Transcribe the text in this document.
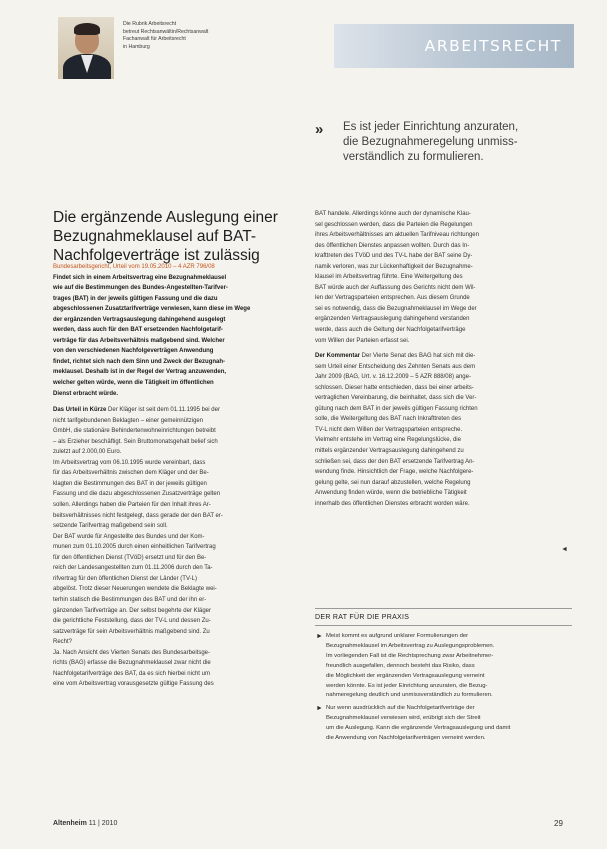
Die Rubrik Arbeitsrecht
betreut Rechtsanwältin/Rechtsanwalt
Fachanwalt für Arbeitsrecht
in Hamburg	ARBEITSRECHT
» Es ist jeder Einrichtung anzuraten,
die Bezugnahmeregelung unmiss-
verständlich zu formulieren.
Die ergänzende Auslegung einer
Bezugnahmeklausel auf BAT-
Nachfolgeverträge ist zulässig
Bundesarbeitsgericht, Urteil vom 19.05.2010 – 4 AZR 796/08
Findet sich in einem Arbeitsvertrag eine Bezugnahmeklausel
wie auf die Bestimmungen des Bundes-Angestellten-Tarifver-
trages (BAT) in der jeweils gültigen Fassung und die dazu
abgeschlossenen Zusatztarifverträge verwiesen, kann diese im Wege
der ergänzenden Vertragsauslegung dahingehend ausgelegt
werden, dass auch für den BAT ersetzenden Nachfolgetarif-
verträge für das Arbeitsverhältnis maßgebend sind. Welcher
von den verschiedenen Nachfolgeverträgen Anwendung
findet, richtet sich nach dem Sinn und Zweck der Bezugnah-
meklausel. Deshalb ist in der Regel der Vertrag anzuwenden,
welcher gelten würde, wenn die Tätigkeit im öffentlichen
Dienst erbracht würde.
Das Urteil in Kürze Der Kläger ist seit dem 01.11.1995 bei der
nicht tarifgebundenen Beklagten – einer gemeinnützigen
GmbH, die stationäre Behindertenwohneinrichtungen betreibt
– als Erzieher beschäftigt. Sein Bruttomonatsgehalt belief sich
zuletzt auf 2.000,00 Euro.
Im Arbeitsvertrag vom 06.10.1995 wurde vereinbart, dass
für das Arbeitsverhältnis zwischen dem Kläger und der Be-
klagten die Bestimmungen des BAT in der jeweils gültigen
Fassung und die dazu abgeschlossenen Zusatzverträge gelten
sollen. Allerdings haben die Parteien für den Inhalt ihres Ar-
beitsverhältnisses nicht festgelegt, dass gerade der den BAT er-
setzende Tarifvertrag maßgebend sein soll.
Der BAT wurde für Angestellte des Bundes und der Kom-
munen zum 01.10.2005 durch einen einheitlichen Tarifvertrag
für den öffentlichen Dienst (TVöD) ersetzt und für den Be-
reich der Landesangestellten zum 01.11.2006 durch den Ta-
rifvertrag für den öffentlichen Dienst der Länder (TV-L)
abgelöst. Trotz dieser Neuerungen wendete die Beklagte wei-
terhin statisch die Bestimmungen des BAT und der ihn er-
gänzenden Tarifverträge an. Der selbst begehrte der Kläger
die gerichtliche Feststellung, dass der TV-L und dessen Zu-
satzverträge für sein Arbeitsverhältnis maßgebend sind. Zu
Recht?
Ja. Nach Ansicht des Vierten Senats des Bundesarbeitsge-
richts (BAG) erfasse die Bezugnahmeklausel zwar nicht die
Nachfolgetarifverträge des BAT, da es sich hierbei nicht um
eine vom Arbeitsvertrag vorausgesetzte gültige Fassung des
BAT handele. Allerdings könne auch der dynamische Klau-
sel geschlossen werden, dass die Parteien die Regelungen
ihres Arbeitsverhältnisses am aktuellen Tarifniveau richtungen
des öffentlichen Dienstes anpassen wollten. Durch das In-
krafttreten des TVöD und des TV-L habe der BAT seine Dy-
namik verloren, was zur Lückenhaftigkeit der Bezugnahme-
klausel im Arbeitsvertrag führte. Eine Weitergeltung des
BAT würde auch der Auffassung des Gerichts nicht dem Wil-
len der Vertragsparteien entsprechen. Aus diesem Grunde
sei es notwendig, dass die Bezugnahmeklausel im Wege der
ergänzenden Vertragsauslegung dahingehend verstanden
werde, dass auch die Geltung der Nachfolgetarifverträge
vom Willen der Parteien erfasst sei.
Der Kommentar Der Vierte Senat des BAG hat sich mit die-
sem Urteil einer Entscheidung des Zehnten Senats aus dem
Jahr 2009 (BAG, Urt. v. 16.12.2009 – 5 AZR 888/08) ange-
schlossen. Dieser hatte entschieden, dass bei einer arbeits-
vertraglichen Vereinbarung, die beinhaltet, dass sich die Ver-
gütung nach dem BAT in der jeweils gültigen Fassung richten
solle, die Weitergeltung des BAT nach Inkrafttreten des
TV-L nicht dem Willen der Vertragsparteien entspreche.
Vielmehr entstehe im Vertrag eine Regelungslücke, die
mittels ergänzender Vertragsauslegung dahingehend zu
schließen sei, dass der den BAT ersetzende Tarifvertrag An-
wendung finde. Hinsichtlich der Frage, welche Nachfolgere-
gelung gelte, sei nun darauf abzustellen, welche Regelung
Anwendung finden würde, wenn die betriebliche Tätigkeit
innerhalb des öffentlichen Dienstes erbracht worden wäre.
◄
DER RAT FÜR DIE PRAXIS
► Meist kommt es aufgrund unklarer Formulierungen der
Bezugnahmeklausel im Arbeitsvertrag zu Auslegungsproblemen.
Im vorliegenden Fall ist die Rechtsprechung zwar Arbeitnehmer-
freundlich ausgefallen, dennoch besteht das Risiko, dass
die Möglichkeit der ergänzenden Vertragsauslegung verneint
werden könnte. Es ist jeder Einrichtung anzuraten, die Bezug-
nahmeregelung deutlich und unmissverständlich zu formulieren.
► Nur wenn ausdrücklich auf die Nachfolgetarifverträge der
Bezugnahmeklausel verwiesen wird, erübrigt sich der Streit
um die Auslegung. Kann die ergänzende Vertragsauslegung und damit
die Anwendung von Nachfolgetarifverträgen verneint werden.
Altenheim 11 | 2010	29
